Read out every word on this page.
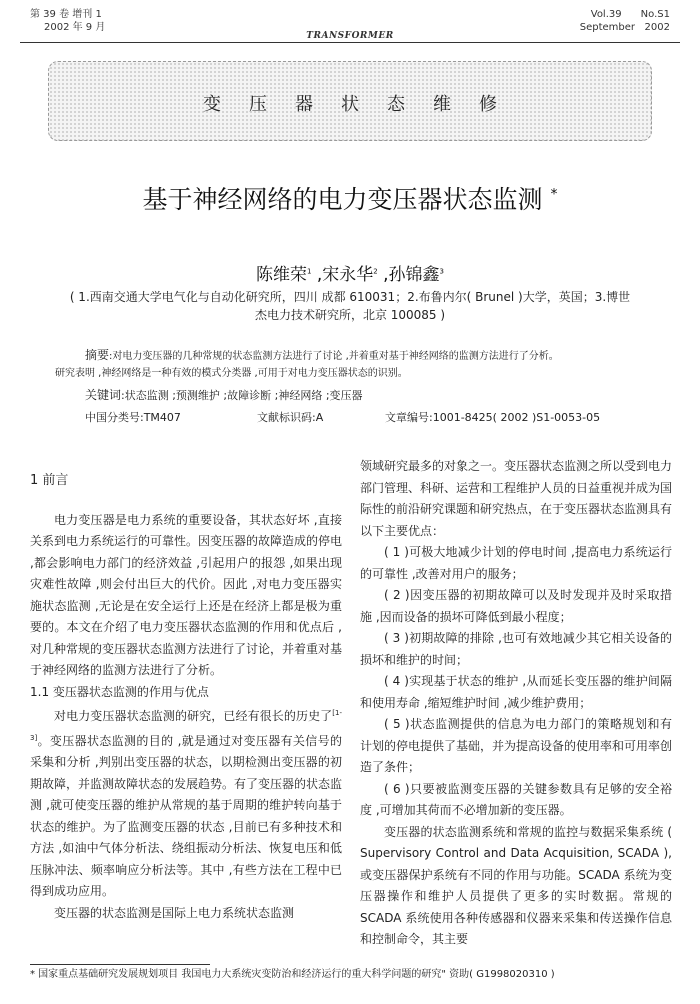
第 39 卷 增刊 1
2002 年 9 月
TRANSFORMER
Vol.39      No.S1
September   2002
变压器状态维修
基于神经网络的电力变压器状态监测 *
陈维荣$^1$ ,宋永华$^2$ ,孙锦鑫$^3$
( 1.西南交通大学电气化与自动化研究所，四川 成都 610031；2.布鲁内尔( Brunel )大学，英国；3.博世
杰电力技术研究所，北京 100085 )
摘要:对电力变压器的几种常规的状态监测方法进行了讨论 ,并着重对基于神经网络的监测方法进行了分析。
研究表明 ,神经网络是一种有效的模式分类器 ,可用于对电力变压器状态的识别。
关键词:状态监测 ;预测维护 ;故障诊断 ;神经网络 ;变压器
中国分类号:TM407	文献标识码:A	文章编号:1001-8425( 2002 )S1-0053-05

1 前言

电力变压器是电力系统的重要设备，其状态好坏 ,直接关系到电力系统运行的可靠性。因变压器的故障造成的停电 ,都会影响电力部门的经济效益 ,引起用户的报怨 ,如果出现灾难性故障 ,则会付出巨大的代价。因此 ,对电力变压器实施状态监测 ,无论是在安全运行上还是在经济上都是极为重要的。本文在介绍了电力变压器状态监测的作用和优点后 ,对几种常规的变压器状态监测方法进行了讨论，并着重对基于神经网络的监测方法进行了分析。

1.1 变压器状态监测的作用与优点

对电力变压器状态监测的研究，已经有很长的历史了[1-3]。变压器状态监测的目的 ,就是通过对变压器有关信号的采集和分析 ,判别出变压器的状态，以期检测出变压器的初期故障，并监测故障状态的发展趋势。有了变压器的状态监测 ,就可使变压器的维护从常规的基于周期的维护转向基于状态的维护。为了监测变压器的状态 ,目前已有多种技术和方法 ,如油中气体分析法、绕组振动分析法、恢复电压和低压脉冲法、频率响应分析法等。其中 ,有些方法在工程中已得到成功应用。

变压器的状态监测是国际上电力系统状态监测

领域研究最多的对象之一。变压器状态监测之所以受到电力部门管理、科研、运营和工程维护人员的日益重视并成为国际性的前沿研究课题和研究热点，在于变压器状态监测具有以下主要优点：

( 1 )可极大地减少计划的停电时间 ,提高电力系统运行的可靠性 ,改善对用户的服务；

( 2 )因变压器的初期故障可以及时发现并及时采取措施 ,因而设备的损坏可降低到最小程度；

( 3 )初期故障的排除 ,也可有效地减少其它相关设备的损坏和维护的时间；

( 4 )实现基于状态的维护 ,从而延长变压器的维护间隔和使用寿命 ,缩短维护时间 ,减少维护费用；

( 5 )状态监测提供的信息为电力部门的策略规划和有计划的停电提供了基础，并为提高设备的使用率和可用率创造了条件；

( 6 )只要被监测变压器的关键参数具有足够的安全裕度 ,可增加其荷而不必增加新的变压器。

变压器的状态监测系统和常规的监控与数据采集系统 ( Supervisory Control and Data Acquisition, SCADA ),或变压器保护系统有不同的作用与功能。SCADA 系统为变压器操作和维护人员提供了更多的实时数据。常规的 SCADA 系统使用各种传感器和仪器来采集和传送操作信息和控制命令，其主要

* 国家重点基础研究发展规划项目 我国电力大系统灾变防治和经济运行的重大科学问题的研究" 资助( G1998020310 )
